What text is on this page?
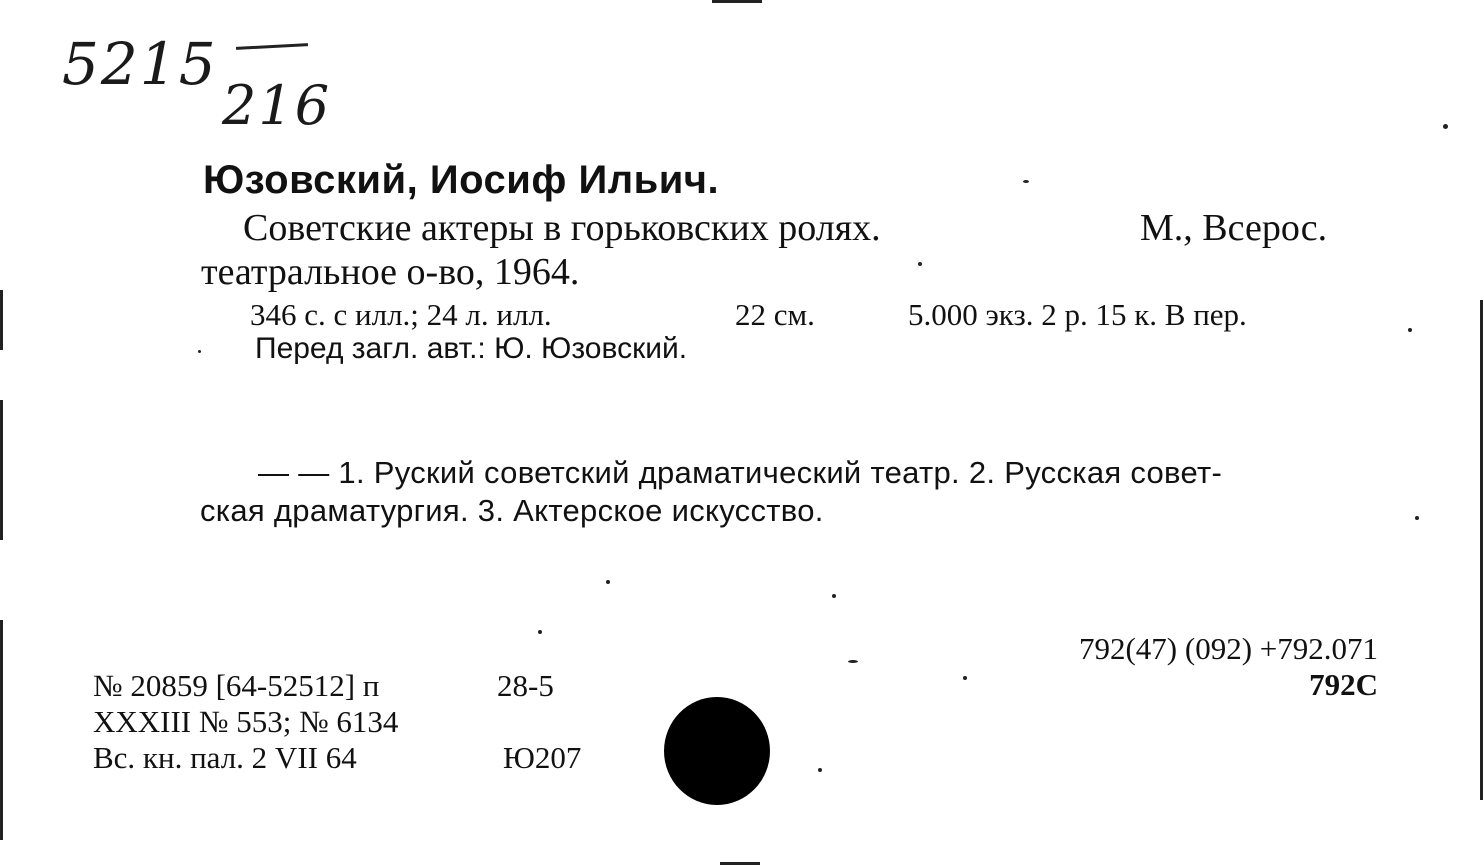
5215
216
Юзовский, Иосиф Ильич.
Советские актеры в горьковских ролях.	М., Всерос.
театральное о-во, 1964.
346 с. с илл.; 24 л. илл.	22 см.	5.000 экз. 2 р. 15 к. В пер.
Перед загл. авт.: Ю. Юзовский.
— — 1. Руский советский драматический театр. 2. Русская совет-
ская драматургия. 3. Актерское искусство.
792(47) (092) +792.071
792С
№ 20859 [64-52512] п	28-5
XXXIII № 553; № 6134
Вс. кн. пал. 2 VII 64	Ю207
